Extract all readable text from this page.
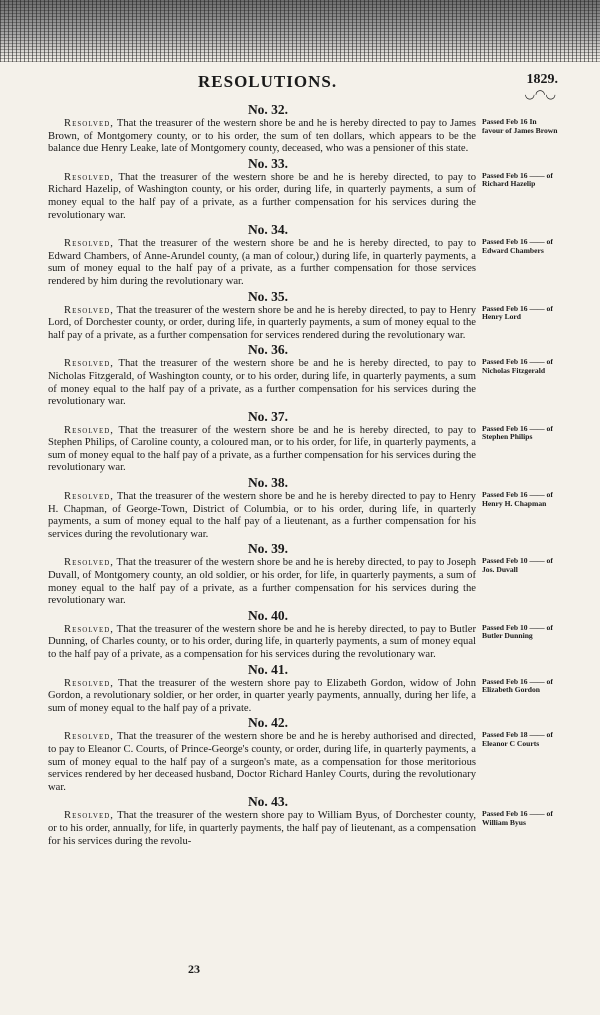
RESOLUTIONS.	1829.
◡◠◡
No. 32.
Resolved, That the treasurer of the western shore be and he is hereby directed to pay to James Brown, of Montgomery county, or to his order, the sum of ten dollars, which appears to be the balance due Henry Leake, late of Montgomery county, deceased, who was a pensioner of this state.
Passed Feb 16 In favour of James Brown
No. 33.
Resolved, That the treasurer of the western shore be and he is hereby directed, to pay to Richard Hazelip, of Washington county, or his order, during life, in quarterly payments, a sum of money equal to the half pay of a private, as a further compensation for his services during the revolutionary war.
Passed Feb 16 —— of Richard Hazelip
No. 34.
Resolved, That the treasurer of the western shore be and he is hereby directed, to pay to Edward Chambers, of Anne-Arundel county, (a man of colour,) during life, in quarterly payments, a sum of money equal to the half pay of a private, as a further compensation for those services rendered by him during the revolutionary war.
Passed Feb 16 —— of Edward Chambers
No. 35.
Resolved, That the treasurer of the western shore be and he is hereby directed, to pay to Henry Lord, of Dorchester county, or order, during life, in quarterly payments, a sum of money equal to the half pay of a private, as a further compensation for services rendered during the revolutionary war.
Passed Feb 16 —— of Henry Lord
No. 36.
Resolved, That the treasurer of the western shore be and he is hereby directed, to pay to Nicholas Fitzgerald, of Washington county, or to his order, during life, in quarterly payments, a sum of money equal to the half pay of a private, as a further compensation for his services during the revolutionary war.
Passed Feb 16 —— of Nicholas Fitzgerald
No. 37.
Resolved, That the treasurer of the western shore be and he is hereby directed, to pay to Stephen Philips, of Caroline county, a coloured man, or to his order, for life, in quarterly payments, a sum of money equal to the half pay of a private, as a further compensation for his services during the revolutionary war.
Passed Feb 16 —— of Stephen Philips
No. 38.
Resolved, That the treasurer of the western shore be and he is hereby directed to pay to Henry H. Chapman, of George-Town, District of Columbia, or to his order, during life, in quarterly payments, a sum of money equal to the half pay of a lieutenant, as a further compensation for his services during the revolutionary war.
Passed Feb 16 —— of Henry H. Chapman
No. 39.
Resolved, That the treasurer of the western shore be and he is hereby directed, to pay to Joseph Duvall, of Montgomery county, an old soldier, or his order, for life, in quarterly payments, a sum of money equal to the half pay of a private, as a further compensation for his services during the revolutionary war.
Passed Feb 10 —— of Jos. Duvall
No. 40.
Resolved, That the treasurer of the western shore be and he is hereby directed, to pay to Butler Dunning, of Charles county, or to his order, during life, in quarterly payments, a sum of money equal to the half pay of a private, as a compensation for his services during the revolutionary war.
Passed Feb 10 —— of Butler Dunning
No. 41.
Resolved, That the treasurer of the western shore pay to Elizabeth Gordon, widow of John Gordon, a revolutionary soldier, or her order, in quarter yearly payments, annually, during her life, a sum of money equal to the half pay of a private.
Passed Feb 16 —— of Elizabeth Gordon
No. 42.
Resolved, That the treasurer of the western shore be and he is hereby authorised and directed, to pay to Eleanor C. Courts, of Prince-George's county, or order, during life, in quarterly payments, a sum of money equal to the half pay of a surgeon's mate, as a compensation for those meritorious services rendered by her deceased husband, Doctor Richard Hanley Courts, during the revolutionary war.
Passed Feb 18 —— of Eleanor C Courts
No. 43.
Resolved, That the treasurer of the western shore pay to William Byus, of Dorchester county, or to his order, annually, for life, in quarterly payments, the half pay of lieutenant, as a compensation for his services during the revolu-
Passed Feb 16 —— of William Byus
23
